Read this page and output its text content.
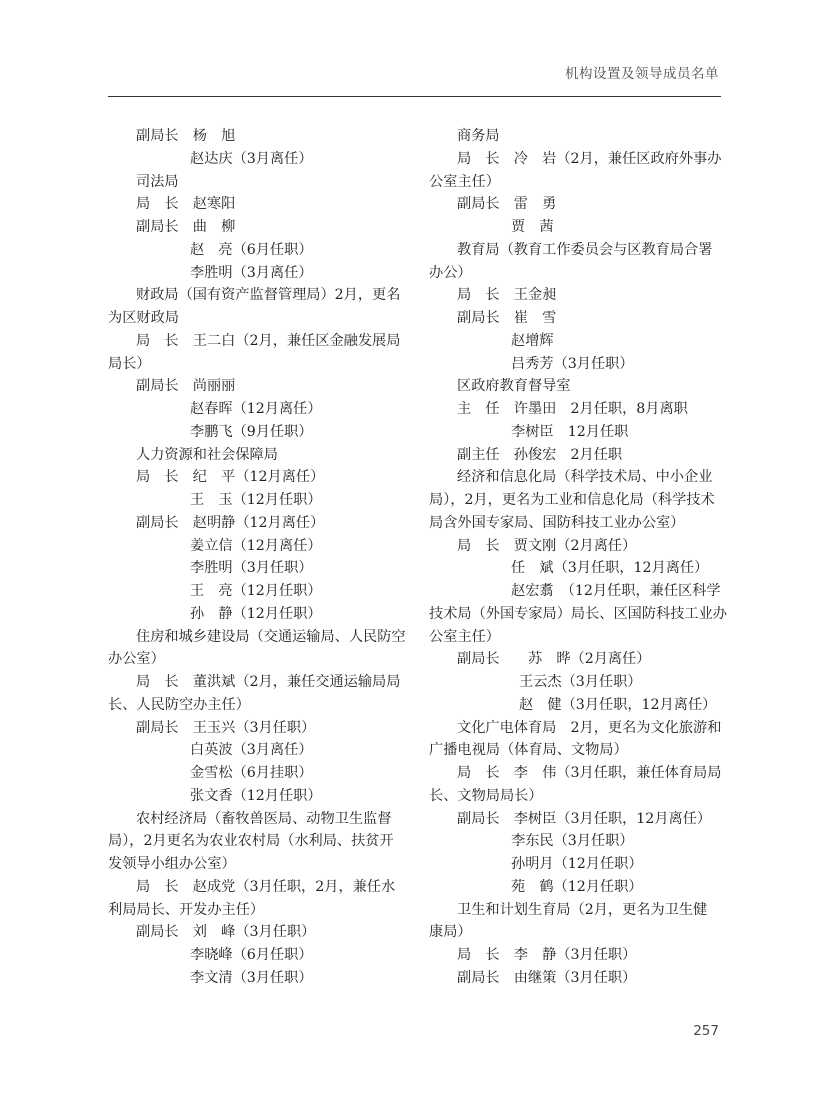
机构设置及领导成员名单
副局长　杨　旭
赵达庆（3月离任）
司法局
局　长　赵寒阳
副局长　曲　柳
赵　亮（6月任职）
李胜明（3月离任）
财政局（国有资产监督管理局）2月，更名
为区财政局
局　长　王二白（2月，兼任区金融发展局
局长）
副局长　尚丽丽
赵春晖（12月离任）
李鹏飞（9月任职）
人力资源和社会保障局
局　长　纪　平（12月离任）
王　玉（12月任职）
副局长　赵明静（12月离任）
姜立信（12月离任）
李胜明（3月任职）
王　亮（12月任职）
孙　静（12月任职）
住房和城乡建设局（交通运输局、人民防空
办公室）
局　长　董洪斌（2月，兼任交通运输局局
长、人民防空办主任）
副局长　王玉兴（3月任职）
白英波（3月离任）
金雪松（6月挂职）
张文香（12月任职）
农村经济局（畜牧兽医局、动物卫生监督
局），2月更名为农业农村局（水利局、扶贫开
发领导小组办公室）
局　长　赵成党（3月任职，2月，兼任水
利局局长、开发办主任）
副局长　刘　峰（3月任职）
李晓峰（6月任职）
李文清（3月任职）
商务局
局　长　冷　岩（2月，兼任区政府外事办
公室主任）
副局长　雷　勇
贾　茜
教育局（教育工作委员会与区教育局合署
办公）
局　长　王金昶
副局长　崔　雪
赵增辉
吕秀芳（3月任职）
区政府教育督导室
主　任　许墨田　2月任职，8月离职
李树臣　12月任职
副主任　孙俊宏　2月任职
经济和信息化局（科学技术局、中小企业
局），2月，更名为工业和信息化局（科学技术
局含外国专家局、国防科技工业办公室）
局　长　贾文刚（2月离任）
任　斌（3月任职，12月离任）
赵宏翥　（12月任职，兼任区科学
技术局（外国专家局）局长、区国防科技工业办
公室主任）
副局长　　苏　晔（2月离任）
王云杰（3月任职）
赵　健（3月任职，12月离任）
文化广电体育局　2月，更名为文化旅游和
广播电视局（体育局、文物局）
局　长　李　伟（3月任职，兼任体育局局
长、文物局局长）
副局长　李树臣（3月任职，12月离任）
李东民（3月任职）
孙明月（12月任职）
苑　鹤（12月任职）
卫生和计划生育局（2月，更名为卫生健
康局）
局　长　李　静（3月任职）
副局长　由继策（3月任职）
257
